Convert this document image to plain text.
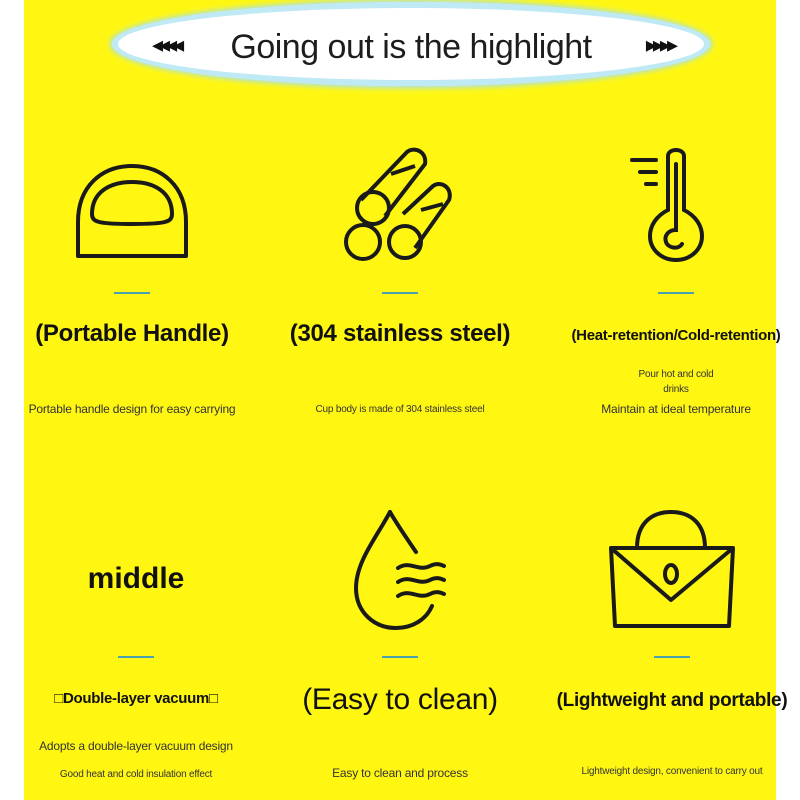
◂◂◂◂	Going out is the highlight	▸▸▸▸
(Portable Handle)
Portable handle design for easy carrying
(304 stainless steel)
Cup body is made of 304 stainless steel
(Heat-retention/Cold-retention)
Pour hot and cold
drinks
Maintain at ideal temperature
middle
□Double-layer vacuum□
Adopts a double-layer vacuum design
Good heat and cold insulation effect
(Easy to clean)
Easy to clean and process
(Lightweight and portable)
Lightweight design, convenient to carry out
